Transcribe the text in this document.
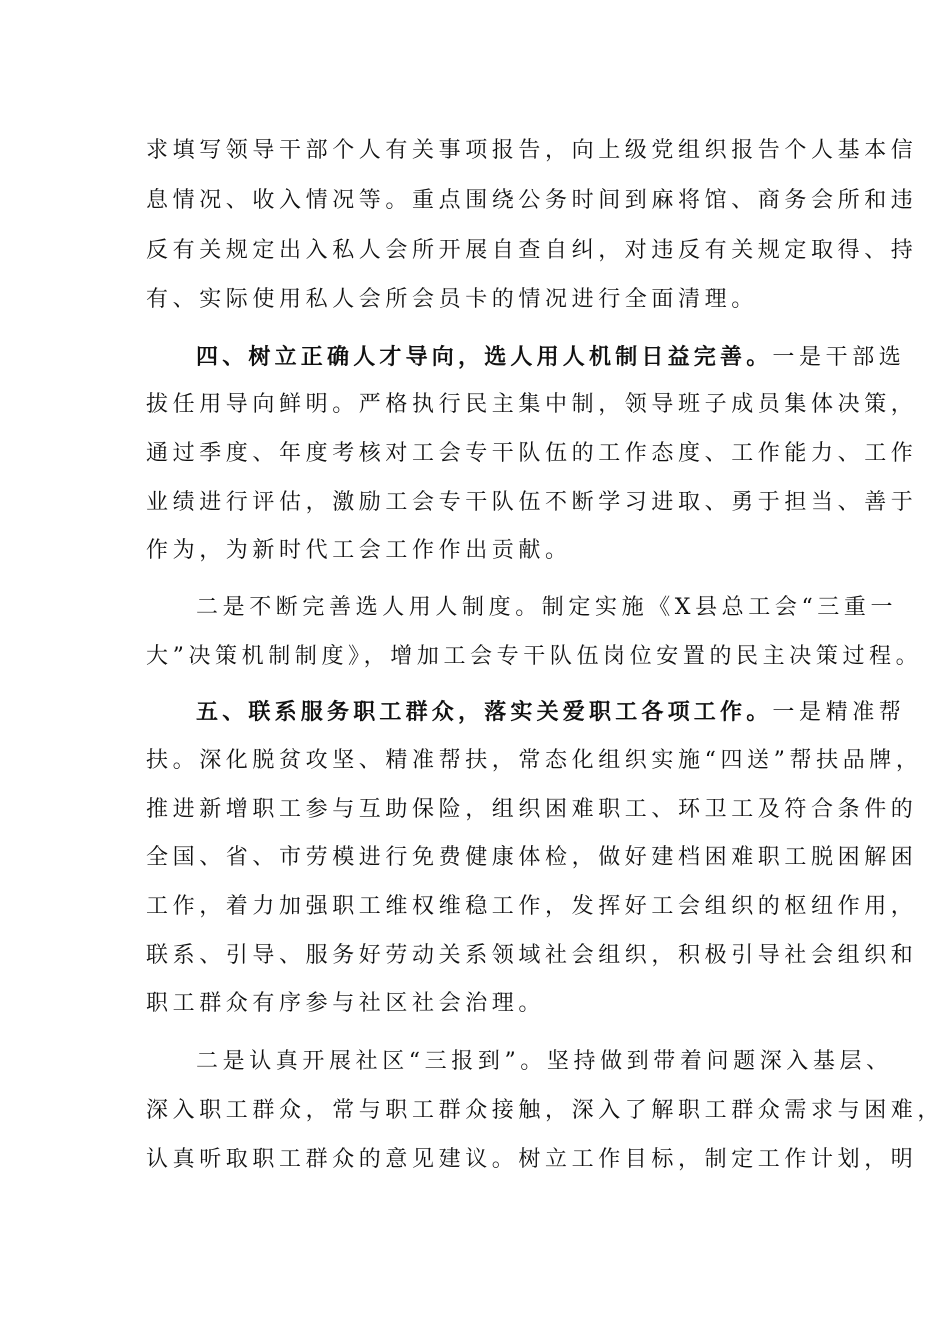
求填写领导干部个人有关事项报告，向上级党组织报告个人基本信
息情况、收入情况等。重点围绕公务时间到麻将馆、商务会所和违
反有关规定出入私人会所开展自查自纠，对违反有关规定取得、持
有、实际使用私人会所会员卡的情况进行全面清理。
四、树立正确人才导向，选人用人机制日益完善。一是干部选
拔任用导向鲜明。严格执行民主集中制，领导班子成员集体决策，
通过季度、年度考核对工会专干队伍的工作态度、工作能力、工作
业绩进行评估，激励工会专干队伍不断学习进取、勇于担当、善于
作为，为新时代工会工作作出贡献。
二是不断完善选人用人制度。制定实施《X县总工会“三重一
大”决策机制制度》，增加工会专干队伍岗位安置的民主决策过程。
五、联系服务职工群众，落实关爱职工各项工作。一是精准帮
扶。深化脱贫攻坚、精准帮扶，常态化组织实施“四送”帮扶品牌，
推进新增职工参与互助保险，组织困难职工、环卫工及符合条件的
全国、省、市劳模进行免费健康体检，做好建档困难职工脱困解困
工作，着力加强职工维权维稳工作，发挥好工会组织的枢纽作用，
联系、引导、服务好劳动关系领域社会组织，积极引导社会组织和
职工群众有序参与社区社会治理。
二是认真开展社区“三报到”。坚持做到带着问题深入基层、
深入职工群众，常与职工群众接触，深入了解职工群众需求与困难，
认真听取职工群众的意见建议。树立工作目标，制定工作计划，明
